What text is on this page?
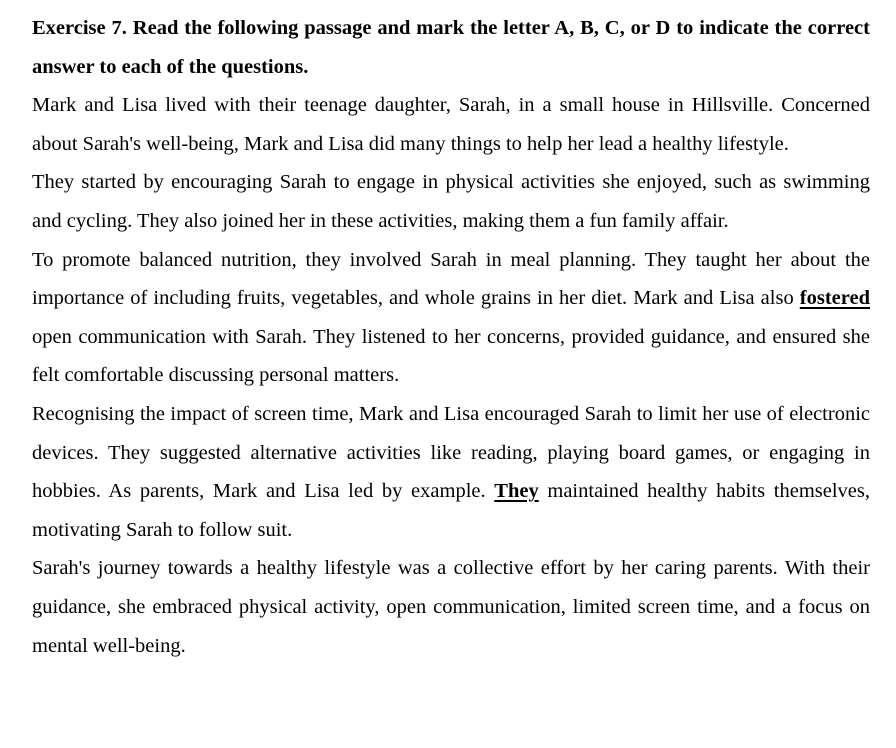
Exercise 7. Read the following passage and mark the letter A, B, C, or D to indicate the correct answer to each of the questions.

Mark and Lisa lived with their teenage daughter, Sarah, in a small house in Hillsville. Concerned about Sarah's well-being, Mark and Lisa did many things to help her lead a healthy lifestyle.

They started by encouraging Sarah to engage in physical activities she enjoyed, such as swimming and cycling. They also joined her in these activities, making them a fun family affair.

To promote balanced nutrition, they involved Sarah in meal planning. They taught her about the importance of including fruits, vegetables, and whole grains in her diet. Mark and Lisa also fostered open communication with Sarah. They listened to her concerns, provided guidance, and ensured she felt comfortable discussing personal matters.

Recognising the impact of screen time, Mark and Lisa encouraged Sarah to limit her use of electronic devices. They suggested alternative activities like reading, playing board games, or engaging in hobbies. As parents, Mark and Lisa led by example. They maintained healthy habits themselves, motivating Sarah to follow suit.

Sarah's journey towards a healthy lifestyle was a collective effort by her caring parents. With their guidance, she embraced physical activity, open communication, limited screen time, and a focus on mental well-being.
